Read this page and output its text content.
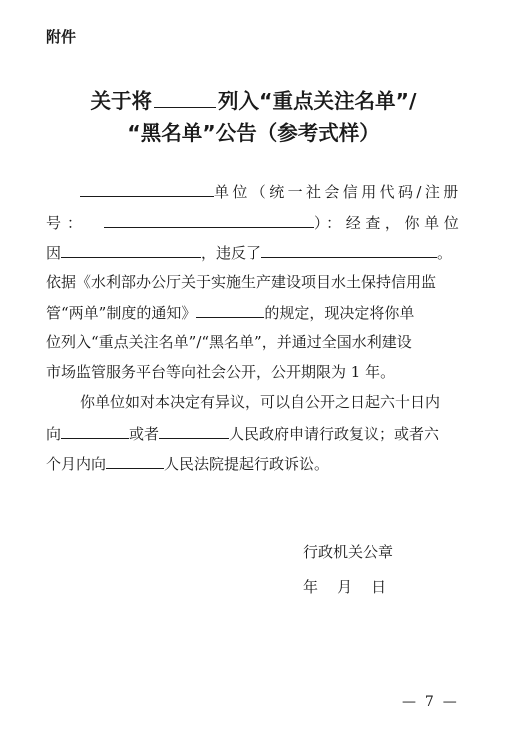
附件
关于将	列入“重点关注名单”/
“黑名单”公告（参考式样）
单位（统一社会信用代码/注册
号：	）：经查，你单位
因	，违反了	。
依据《水利部办公厅关于实施生产建设项目水土保持信用监
管“两单”制度的通知》	的规定，现决定将你单
位列入“重点关注名单”/“黑名单”，并通过全国水利建设
市场监管服务平台等向社会公开，公开期限为 1 年。
你单位如对本决定有异议，可以自公开之日起六十日内
向	或者	人民政府申请行政复议；或者六
个月内向	人民法院提起行政诉讼。
行政机关公章
年    月    日
—  7  —
